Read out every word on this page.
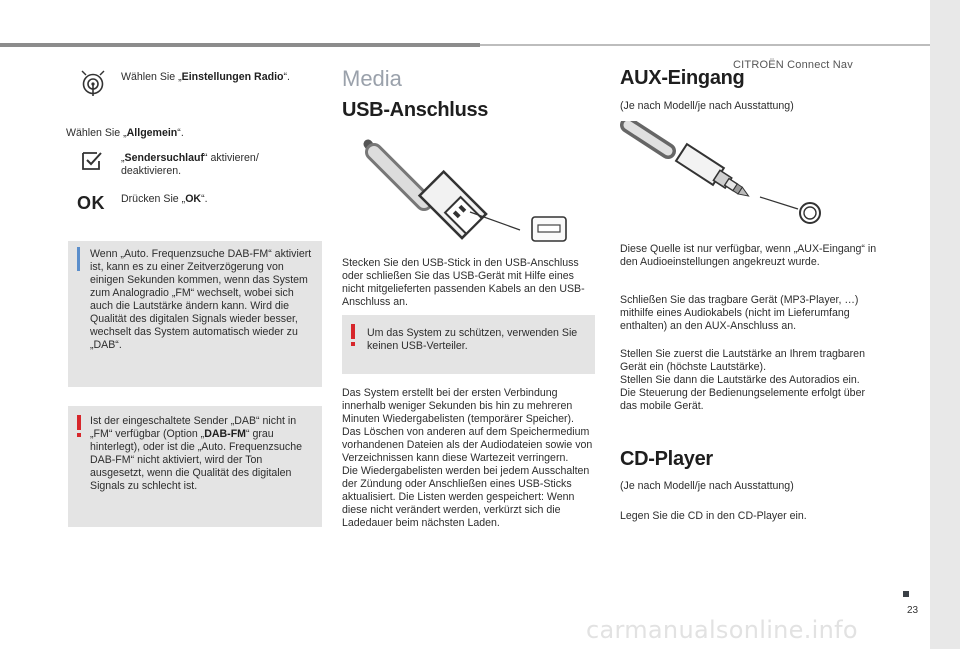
CITROËN Connect Nav
Wählen Sie „Einstellungen Radio“.
Wählen Sie „Allgemein“.
„Sendersuchlauf“ aktivieren/ deaktivieren.
OK Drücken Sie „OK“.
Wenn „Auto. Frequenzsuche DAB-FM“ aktiviert ist, kann es zu einer Zeitverzögerung von einigen Sekunden kommen, wenn das System zum Analogradio „FM“ wechselt, wobei sich auch die Lautstärke ändern kann. Wird die Qualität des digitalen Signals wieder besser, wechselt das System automatisch wieder zu „DAB“.
Ist der eingeschaltete Sender „DAB“ nicht in „FM“ verfügbar (Option „DAB-FM“ grau hinterlegt), oder ist die „Auto. Frequenzsuche DAB-FM“ nicht aktiviert, wird der Ton ausgesetzt, wenn die Qualität des digitalen Signals zu schlecht ist.
Media
USB-Anschluss
Stecken Sie den USB-Stick in den USB-Anschluss oder schließen Sie das USB-Gerät mit Hilfe eines nicht mitgelieferten passenden Kabels an den USB-Anschluss an.
Um das System zu schützen, verwenden Sie keinen USB-Verteiler.
Das System erstellt bei der ersten Verbindung innerhalb weniger Sekunden bis hin zu mehreren Minuten Wiedergabelisten (temporärer Speicher).
Das Löschen von anderen auf dem Speichermedium vorhandenen Dateien als der Audiodateien sowie von Verzeichnissen kann diese Wartezeit verringern.
Die Wiedergabelisten werden bei jedem Ausschalten der Zündung oder Anschließen eines USB-Sticks aktualisiert. Die Listen werden gespeichert: Wenn diese nicht verändert werden, verkürzt sich die Ladedauer beim nächsten Laden.
AUX-Eingang
(Je nach Modell/je nach Ausstattung)
Diese Quelle ist nur verfügbar, wenn „AUX-Eingang“ in den Audioeinstellungen angekreuzt wurde.
Schließen Sie das tragbare Gerät (MP3-Player, …) mithilfe eines Audiokabels (nicht im Lieferumfang enthalten) an den AUX-Anschluss an.
Stellen Sie zuerst die Lautstärke an Ihrem tragbaren Gerät ein (höchste Lautstärke).
Stellen Sie dann die Lautstärke des Autoradios ein.
Die Steuerung der Bedienungselemente erfolgt über das mobile Gerät.
CD-Player
(Je nach Modell/je nach Ausstattung)
Legen Sie die CD in den CD-Player ein.
23
carmanualsonline.info
